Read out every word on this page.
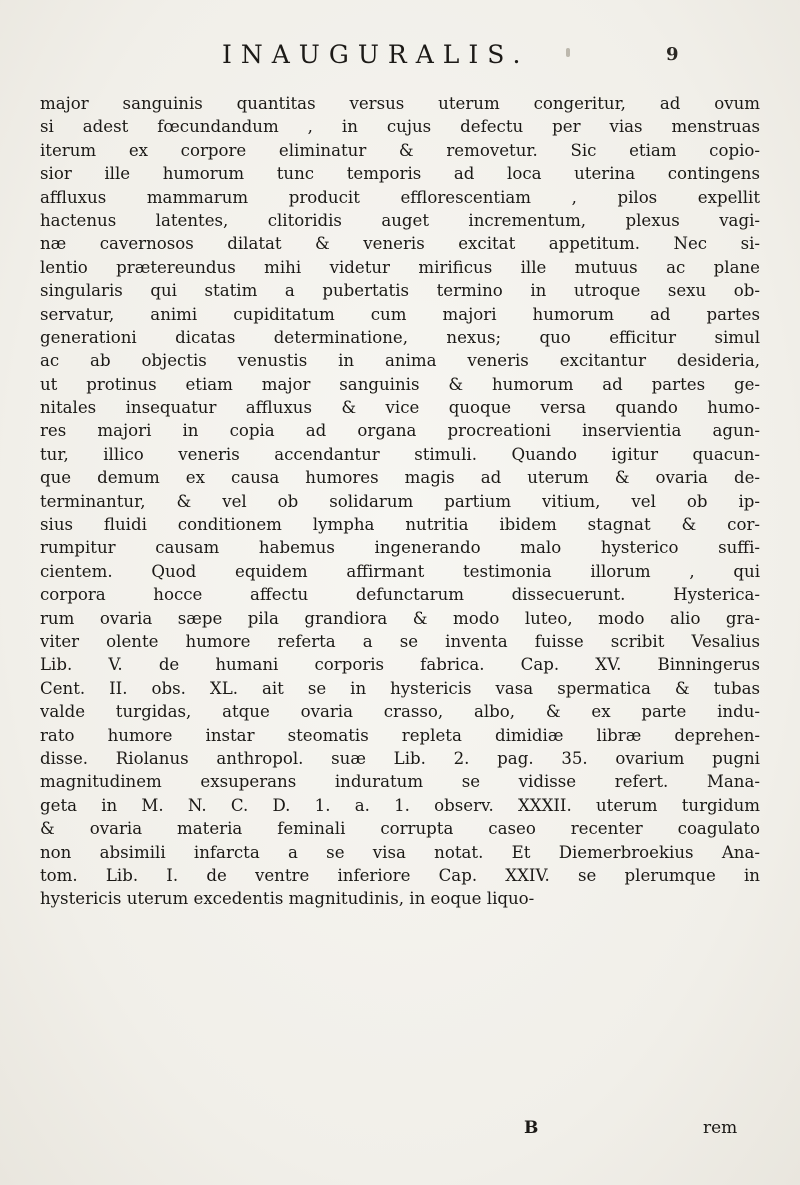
INAUGURALIS.	9
major sanguinis quantitas versus uterum congeritur, ad ovum
si adest fœcundandum , in cujus defectu per vias menstruas
iterum ex corpore eliminatur & removetur. Sic etiam copio-
sior ille humorum tunc temporis ad loca uterina contingens
affluxus mammarum producit efflorescentiam , pilos expellit
hactenus latentes, clitoridis auget incrementum, plexus vagi-
næ cavernosos dilatat & veneris excitat appetitum. Nec si-
lentio prætereundus mihi videtur mirificus ille mutuus ac plane
singularis qui statim a pubertatis termino in utroque sexu ob-
servatur, animi cupiditatum cum majori humorum ad partes
generationi dicatas determinatione, nexus; quo efficitur simul
ac ab objectis venustis in anima veneris excitantur desideria,
ut protinus etiam major sanguinis & humorum ad partes ge-
nitales insequatur affluxus & vice quoque versa quando humo-
res majori in copia ad organa procreationi inservientia agun-
tur, illico veneris accendantur stimuli. Quando igitur quacun-
que demum ex causa humores magis ad uterum & ovaria de-
terminantur, & vel ob solidarum partium vitium, vel ob ip-
sius fluidi conditionem lympha nutritia ibidem stagnat & cor-
rumpitur causam habemus ingenerando malo hysterico suffi-
cientem. Quod equidem affirmant testimonia illorum , qui
corpora hocce affectu defunctarum dissecuerunt. Hysterica-
rum ovaria sæpe pila grandiora & modo luteo, modo alio gra-
viter olente humore referta a se inventa fuisse scribit Vesalius
Lib. V. de humani corporis fabrica. Cap. XV. Binningerus
Cent. II. obs. XL. ait se in hystericis vasa spermatica & tubas
valde turgidas, atque ovaria crasso, albo, & ex parte indu-
rato humore instar steomatis repleta dimidiæ libræ deprehen-
disse. Riolanus anthropol. suæ Lib. 2. pag. 35. ovarium pugni
magnitudinem exsuperans induratum se vidisse refert. Mana-
geta in M. N. C. D. 1. a. 1. observ. XXXII. uterum turgidum
& ovaria materia feminali corrupta caseo recenter coagulato
non absimili infarcta a se visa notat. Et Diemerbroekius Ana-
tom. Lib. I. de ventre inferiore Cap. XXIV. se plerumque in
hystericis uterum excedentis magnitudinis, in eoque liquo-
B	rem
